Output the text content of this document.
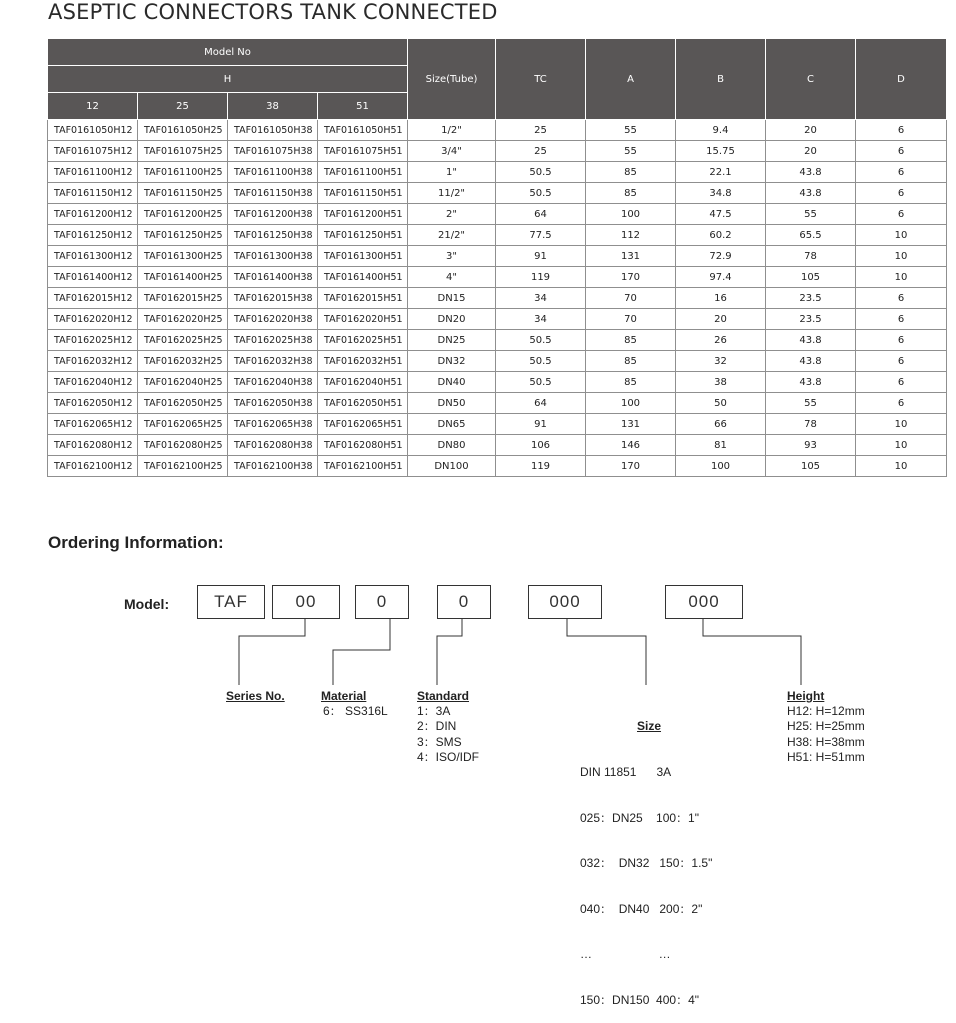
ASEPTIC CONNECTORS TANK CONNECTED
Model No				Size(Tube)	TC	A	B	C	D
H									
12	25	38	51						
TAF0161050H12	TAF0161050H25	TAF0161050H38	TAF0161050H51	1/2"	25	55	9.4	20	6
TAF0161075H12	TAF0161075H25	TAF0161075H38	TAF0161075H51	3/4"	25	55	15.75	20	6
TAF0161100H12	TAF0161100H25	TAF0161100H38	TAF0161100H51	1"	50.5	85	22.1	43.8	6
TAF0161150H12	TAF0161150H25	TAF0161150H38	TAF0161150H51	11/2"	50.5	85	34.8	43.8	6
TAF0161200H12	TAF0161200H25	TAF0161200H38	TAF0161200H51	2"	64	100	47.5	55	6
TAF0161250H12	TAF0161250H25	TAF0161250H38	TAF0161250H51	21/2"	77.5	112	60.2	65.5	10
TAF0161300H12	TAF0161300H25	TAF0161300H38	TAF0161300H51	3"	91	131	72.9	78	10
TAF0161400H12	TAF0161400H25	TAF0161400H38	TAF0161400H51	4"	119	170	97.4	105	10
TAF0162015H12	TAF0162015H25	TAF0162015H38	TAF0162015H51	DN15	34	70	16	23.5	6
TAF0162020H12	TAF0162020H25	TAF0162020H38	TAF0162020H51	DN20	34	70	20	23.5	6
TAF0162025H12	TAF0162025H25	TAF0162025H38	TAF0162025H51	DN25	50.5	85	26	43.8	6
TAF0162032H12	TAF0162032H25	TAF0162032H38	TAF0162032H51	DN32	50.5	85	32	43.8	6
TAF0162040H12	TAF0162040H25	TAF0162040H38	TAF0162040H51	DN40	50.5	85	38	43.8	6
TAF0162050H12	TAF0162050H25	TAF0162050H38	TAF0162050H51	DN50	64	100	50	55	6
TAF0162065H12	TAF0162065H25	TAF0162065H38	TAF0162065H51	DN65	91	131	66	78	10
TAF0162080H12	TAF0162080H25	TAF0162080H38	TAF0162080H51	DN80	106	146	81	93	10
TAF0162100H12	TAF0162100H25	TAF0162100H38	TAF0162100H51	DN100	119	170	100	105	10
Ordering Information:
Model:	TAF	00	0	0	000	000
Series No.	Material
6： SS316L
Standard
1：3A
2：DIN
3：SMS
4：ISO/IDF

Size

DIN 11851      3A

025：DN25    100：1"

032：  DN32   150：1.5"

040：  DN40   200：2"

…                    …

150：DN150  400：4"

Height
H12: H=12mm
H25: H=25mm
H38: H=38mm
H51: H=51mm
